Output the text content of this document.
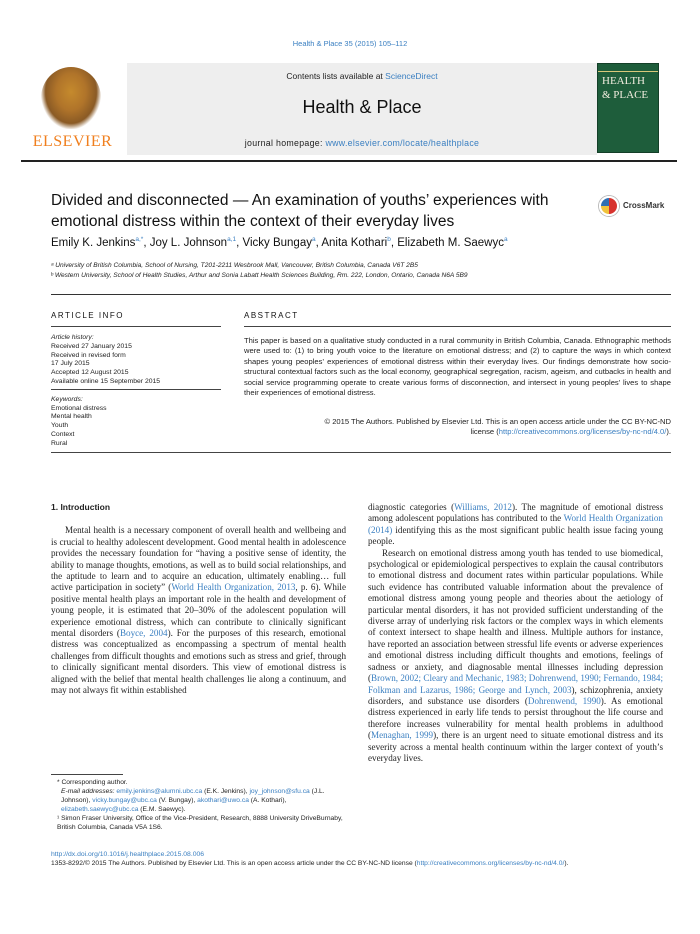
Health & Place 35 (2015) 105–112
ELSEVIER
Contents lists available at ScienceDirect
Health & Place
journal homepage: www.elsevier.com/locate/healthplace
HEALTH
& PLACE
Divided and disconnected — An examination of youths’ experiences with emotional distress within the context of their everyday lives
CrossMark
Emily K. Jenkins$^{a,*}$, Joy L. Johnson$^{a,1}$, Vicky Bungay$^a$, Anita Kothari$^b$, Elizabeth M. Saewyc$^a$
ᵃ University of British Columbia, School of Nursing, T201-2211 Wesbrook Mall, Vancouver, British Columbia, Canada V6T 2B5
ᵇ Western University, School of Health Studies, Arthur and Sonia Labatt Health Sciences Building, Rm. 222, London, Ontario, Canada N6A 5B9
ARTICLE INFO	ABSTRACT
Article history:
Received 27 January 2015
Received in revised form
17 July 2015
Accepted 12 August 2015
Available online 15 September 2015
Keywords:
Emotional distress
Mental health
Youth
Context
Rural
This paper is based on a qualitative study conducted in a rural community in British Columbia, Canada. Ethnographic methods were used to: (1) to bring youth voice to the literature on emotional distress; and (2) to capture the ways in which context shapes young peoples’ experiences of emotional distress within their everyday lives. Our findings demonstrate how socio-structural contextual factors such as the local economy, geographical segregation, racism, ageism, and cutbacks in health and social service programming operate to create various forms of disconnection, and intersect in young peoples’ lives to shape their experiences of emotional distress.
© 2015 The Authors. Published by Elsevier Ltd. This is an open access article under the CC BY-NC-ND
license (http://creativecommons.org/licenses/by-nc-nd/4.0/).
1. Introduction
Mental health is a necessary component of overall health and wellbeing and is crucial to healthy adolescent development. Good mental health in adolescence provides the necessary foundation for “having a positive sense of identity, the ability to manage thoughts, emotions, as well as to build social relationships, and the aptitude to learn and to acquire an education, ultimately enabling… full active participation in society” (World Health Organization, 2013, p. 6). While positive mental health plays an important role in the health and development of young people, it is estimated that 20–30% of the adolescent population will experience emotional distress, which can contribute to clinically significant mental disorders (Boyce, 2004). For the purposes of this research, emotional distress was conceptualized as encompassing a spectrum of mental health challenges from difficult thoughts and emotions such as stress and grief, through to clinically significant mental disorders. This view of emotional distress is aligned with the belief that mental health challenges lie along a continuum, and may not always fit within established
diagnostic categories (Williams, 2012). The magnitude of emotional distress among adolescent populations has contributed to the World Health Organization (2014) identifying this as the most significant public health issue facing young people.
Research on emotional distress among youth has tended to use biomedical, psychological or epidemiological perspectives to explain the causal contributors to emotional distress and document rates within particular populations. While such evidence has contributed valuable information about the prevalence of emotional distress among young people and theories about the aetiology of particular mental disorders, it has not provided sufficient understanding of the diverse array of underlying risk factors or the complex ways in which elements of context intersect to shape health and illness. Multiple authors for instance, have reported an association between stressful life events or adverse experiences and emotional distress including difficult thoughts and emotions, feelings of sadness or anxiety, and diagnosable mental illnesses including depression (Brown, 2002; Cleary and Mechanic, 1983; Dohrenwend, 1990; Fernando, 1984; Folkman and Lazarus, 1986; George and Lynch, 2003), schizophrenia, anxiety disorders, and substance use disorders (Dohrenwend, 1990). As emotional distress experienced in early life tends to persist throughout the life course and therefore increases vulnerability for mental health problems in adulthood (Menaghan, 1999), there is an urgent need to situate emotional distress and its severity across a mental health continuum within the larger context of youth’s everyday lives.
* Corresponding author.
E-mail addresses: emily.jenkins@alumni.ubc.ca (E.K. Jenkins), joy_johnson@sfu.ca (J.L. Johnson), vicky.bungay@ubc.ca (V. Bungay), akothari@uwo.ca (A. Kothari), elizabeth.saewyc@ubc.ca (E.M. Saewyc).
¹ Simon Fraser University, Office of the Vice-President, Research, 8888 University DriveBurnaby, British Columbia, Canada V5A 1S6.
http://dx.doi.org/10.1016/j.healthplace.2015.08.006
1353-8292/© 2015 The Authors. Published by Elsevier Ltd. This is an open access article under the CC BY-NC-ND license (http://creativecommons.org/licenses/by-nc-nd/4.0/).
